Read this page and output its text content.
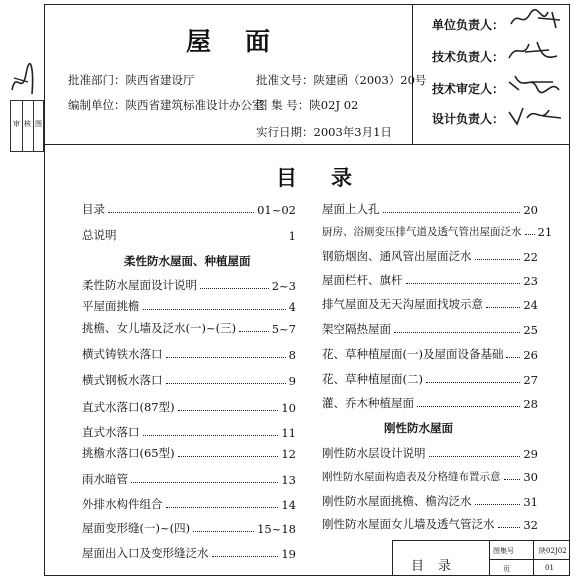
审 核 图
屋面
批准部门：陕西省建设厅
编制单位：陕西省建筑标准设计办公室
批准文号：陕建函（2003）20号
图 集 号：陕02J 02
实行日期：2003年3月1日
单位负责人：
技术负责人：
技术审定人：
设计负责人：
目录
目录	01~02
总说明	1
柔性防水屋面、种植屋面
柔性防水屋面设计说明	2~3
平屋面挑檐	4
挑檐、女儿墙及泛水(一)~(三)	5~7
横式铸铁水落口	8
横式钢板水落口	9
直式水落口(87型)	10
直式水落口	11
挑檐水落口(65型)	12
雨水暗管	13
外排水构件组合	14
屋面变形缝(一)~(四)	15~18
屋面出入口及变形缝泛水	19
屋面上人孔	20
厨房、浴厕变压排气道及透气管出屋面泛水 21
钢筋烟囱、通风管出屋面泛水	22
屋面栏杆、旗杆	23
排气屋面及无天沟屋面找坡示意	24
架空隔热屋面	25
花、草种植屋面(一)及屋面设备基础 26
花、草种植屋面(二)	27
灌、乔木种植屋面	28
刚性防水屋面
刚性防水层设计说明	29
刚性防水屋面构造表及分格缝布置示意 30
刚性防水屋面挑檐、檐沟泛水	31
刚性防水屋面女儿墙及透气管泛水	32
目录
图集号	陕02J02
页	01
